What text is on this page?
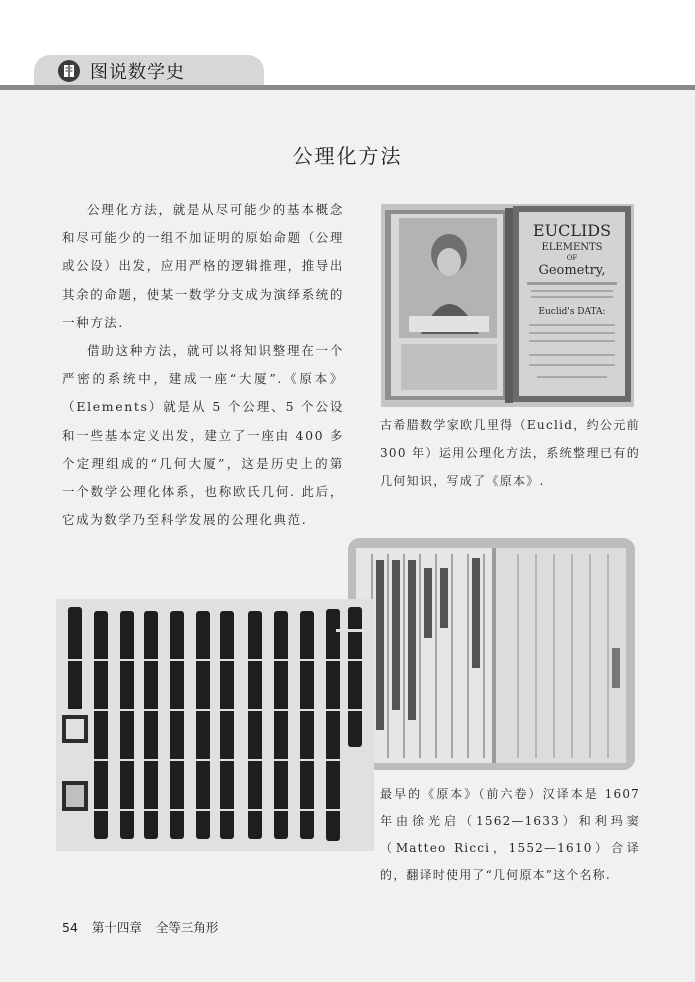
图说数学史
公理化方法

公理化方法，就是从尽可能少的基本概念和尽可能少的一组不加证明的原始命题（公理或公设）出发，应用严格的逻辑推理，推导出其余的命题，使某一数学分支成为演绎系统的一种方法.

借助这种方法，就可以将知识整理在一个严密的系统中，建成一座“大厦”.《原本》（Elements）就是从 5 个公理、5 个公设和一些基本定义出发，建立了一座由 400 多个定理组成的“几何大厦”，这是历史上的第一个数学公理化体系，也称欧氏几何. 此后，它成为数学乃至科学发展的公理化典范.

EUCLIDS
ELEMENTS
OF
Geometry,
Euclid's DATA:
古希腊数学家欧几里得（Euclid，约公元前 300 年）运用公理化方法，系统整理已有的几何知识，写成了《原本》.
最早的《原本》（前六卷）汉译本是 1607 年由徐光启（1562—1633）和利玛窦（Matteo Ricci，1552—1610）合译的，翻译时使用了“几何原本”这个名称.
54 第十四章 全等三角形
